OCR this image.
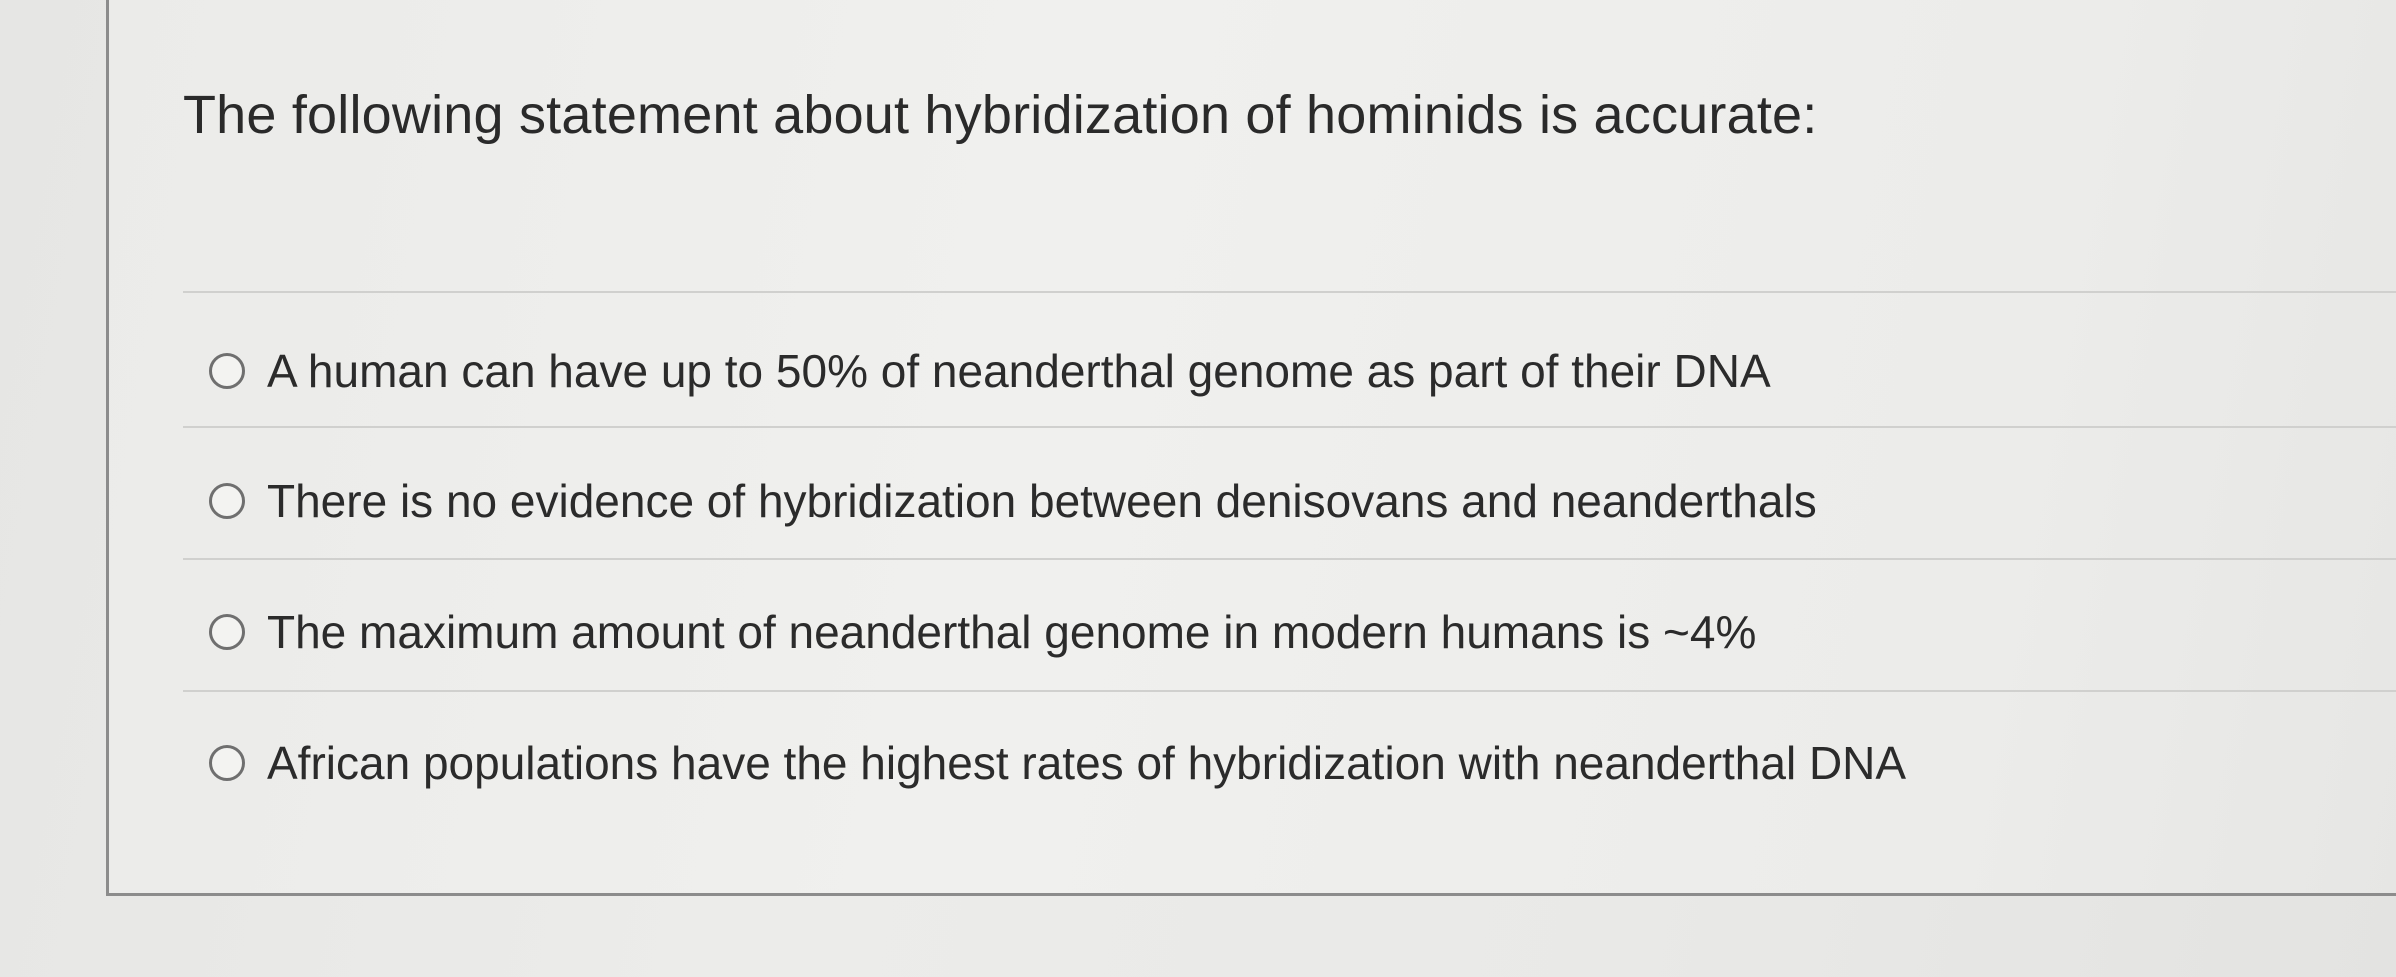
The following statement about hybridization of hominids is accurate:
A human can have up to 50% of neanderthal genome as part of their DNA
There is no evidence of hybridization between denisovans and neanderthals
The maximum amount of neanderthal genome in modern humans is ~4%
African populations have the highest rates of hybridization with neanderthal DNA
